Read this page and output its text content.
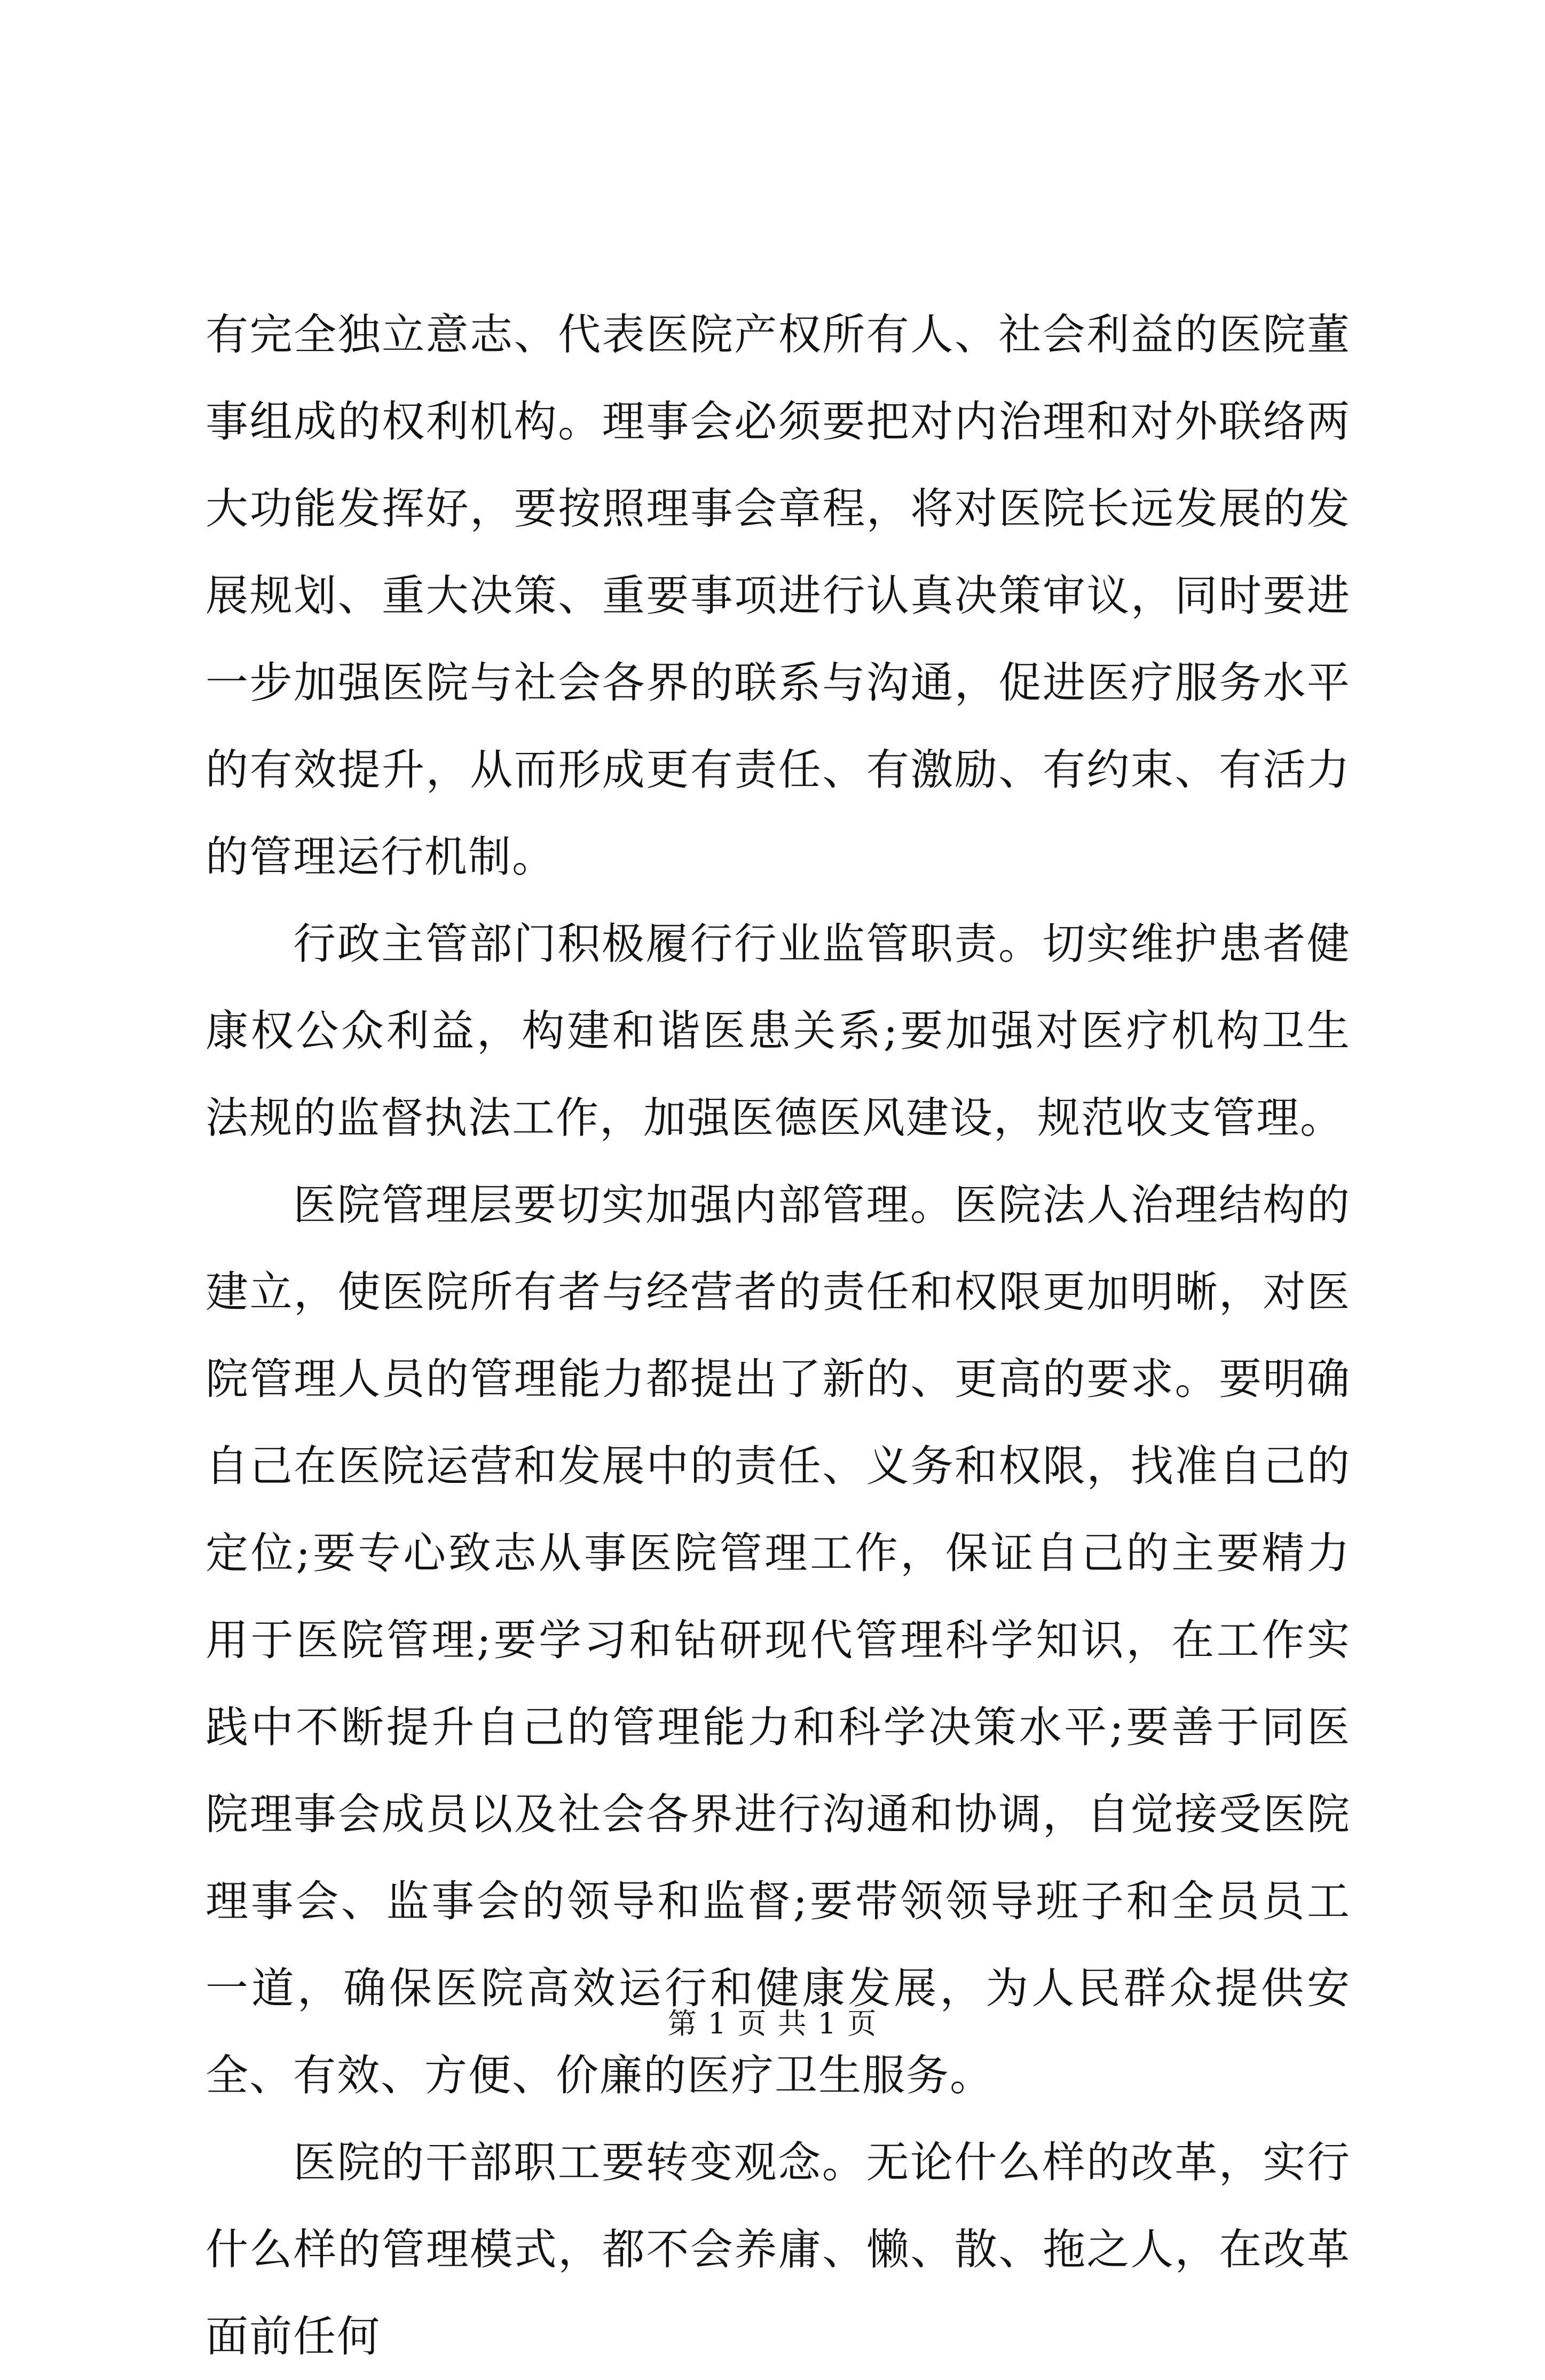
有完全独立意志、代表医院产权所有人、社会利益的医院董事组成的权利机构。理事会必须要把对内治理和对外联络两大功能发挥好，要按照理事会章程，将对医院长远发展的发展规划、重大决策、重要事项进行认真决策审议，同时要进一步加强医院与社会各界的联系与沟通，促进医疗服务水平的有效提升，从而形成更有责任、有激励、有约束、有活力的管理运行机制。

行政主管部门积极履行行业监管职责。切实维护患者健康权公众利益，构建和谐医患关系;要加强对医疗机构卫生法规的监督执法工作，加强医德医风建设，规范收支管理。

医院管理层要切实加强内部管理。医院法人治理结构的建立，使医院所有者与经营者的责任和权限更加明晰，对医院管理人员的管理能力都提出了新的、更高的要求。要明确自己在医院运营和发展中的责任、义务和权限，找准自己的定位;要专心致志从事医院管理工作，保证自己的主要精力用于医院管理;要学习和钻研现代管理科学知识，在工作实践中不断提升自己的管理能力和科学决策水平;要善于同医院理事会成员以及社会各界进行沟通和协调，自觉接受医院理事会、监事会的领导和监督;要带领领导班子和全员员工一道，确保医院高效运行和健康发展，为人民群众提供安全、有效、方便、价廉的医疗卫生服务。

医院的干部职工要转变观念。无论什么样的改革，实行什么样的管理模式，都不会养庸、懒、散、拖之人，在改革面前任何

第 1 页 共 1 页
